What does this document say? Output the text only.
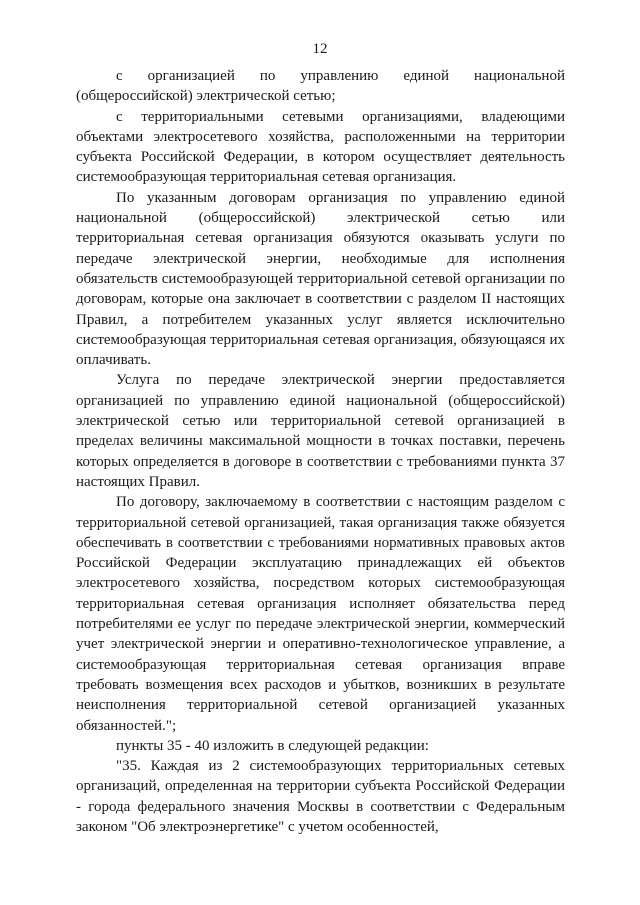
12

с организацией по управлению единой национальной (общероссийской) электрической сетью;

с территориальными сетевыми организациями, владеющими объектами электросетевого хозяйства, расположенными на территории субъекта Российской Федерации, в котором осуществляет деятельность системообразующая территориальная сетевая организация.

По указанным договорам организация по управлению единой национальной (общероссийской) электрической сетью или территориальная сетевая организация обязуются оказывать услуги по передаче электрической энергии, необходимые для исполнения обязательств системообразующей территориальной сетевой организации по договорам, которые она заключает в соответствии с разделом II настоящих Правил, а потребителем указанных услуг является исключительно системообразующая территориальная сетевая организация, обязующаяся их оплачивать.

Услуга по передаче электрической энергии предоставляется организацией по управлению единой национальной (общероссийской) электрической сетью или территориальной сетевой организацией в пределах величины максимальной мощности в точках поставки, перечень которых определяется в договоре в соответствии с требованиями пункта 37 настоящих Правил.

По договору, заключаемому в соответствии с настоящим разделом с территориальной сетевой организацией, такая организация также обязуется обеспечивать в соответствии с требованиями нормативных правовых актов Российской Федерации эксплуатацию принадлежащих ей объектов электросетевого хозяйства, посредством которых системообразующая территориальная сетевая организация исполняет обязательства перед потребителями ее услуг по передаче электрической энергии, коммерческий учет электрической энергии и оперативно-технологическое управление, а системообразующая территориальная сетевая организация вправе требовать возмещения всех расходов и убытков, возникших в результате неисполнения территориальной сетевой организацией указанных обязанностей.";

пункты 35 - 40 изложить в следующей редакции:

"35. Каждая из 2 системообразующих территориальных сетевых организаций, определенная на территории субъекта Российской Федерации - города федерального значения Москвы в соответствии с Федеральным законом "Об электроэнергетике" с учетом особенностей,
